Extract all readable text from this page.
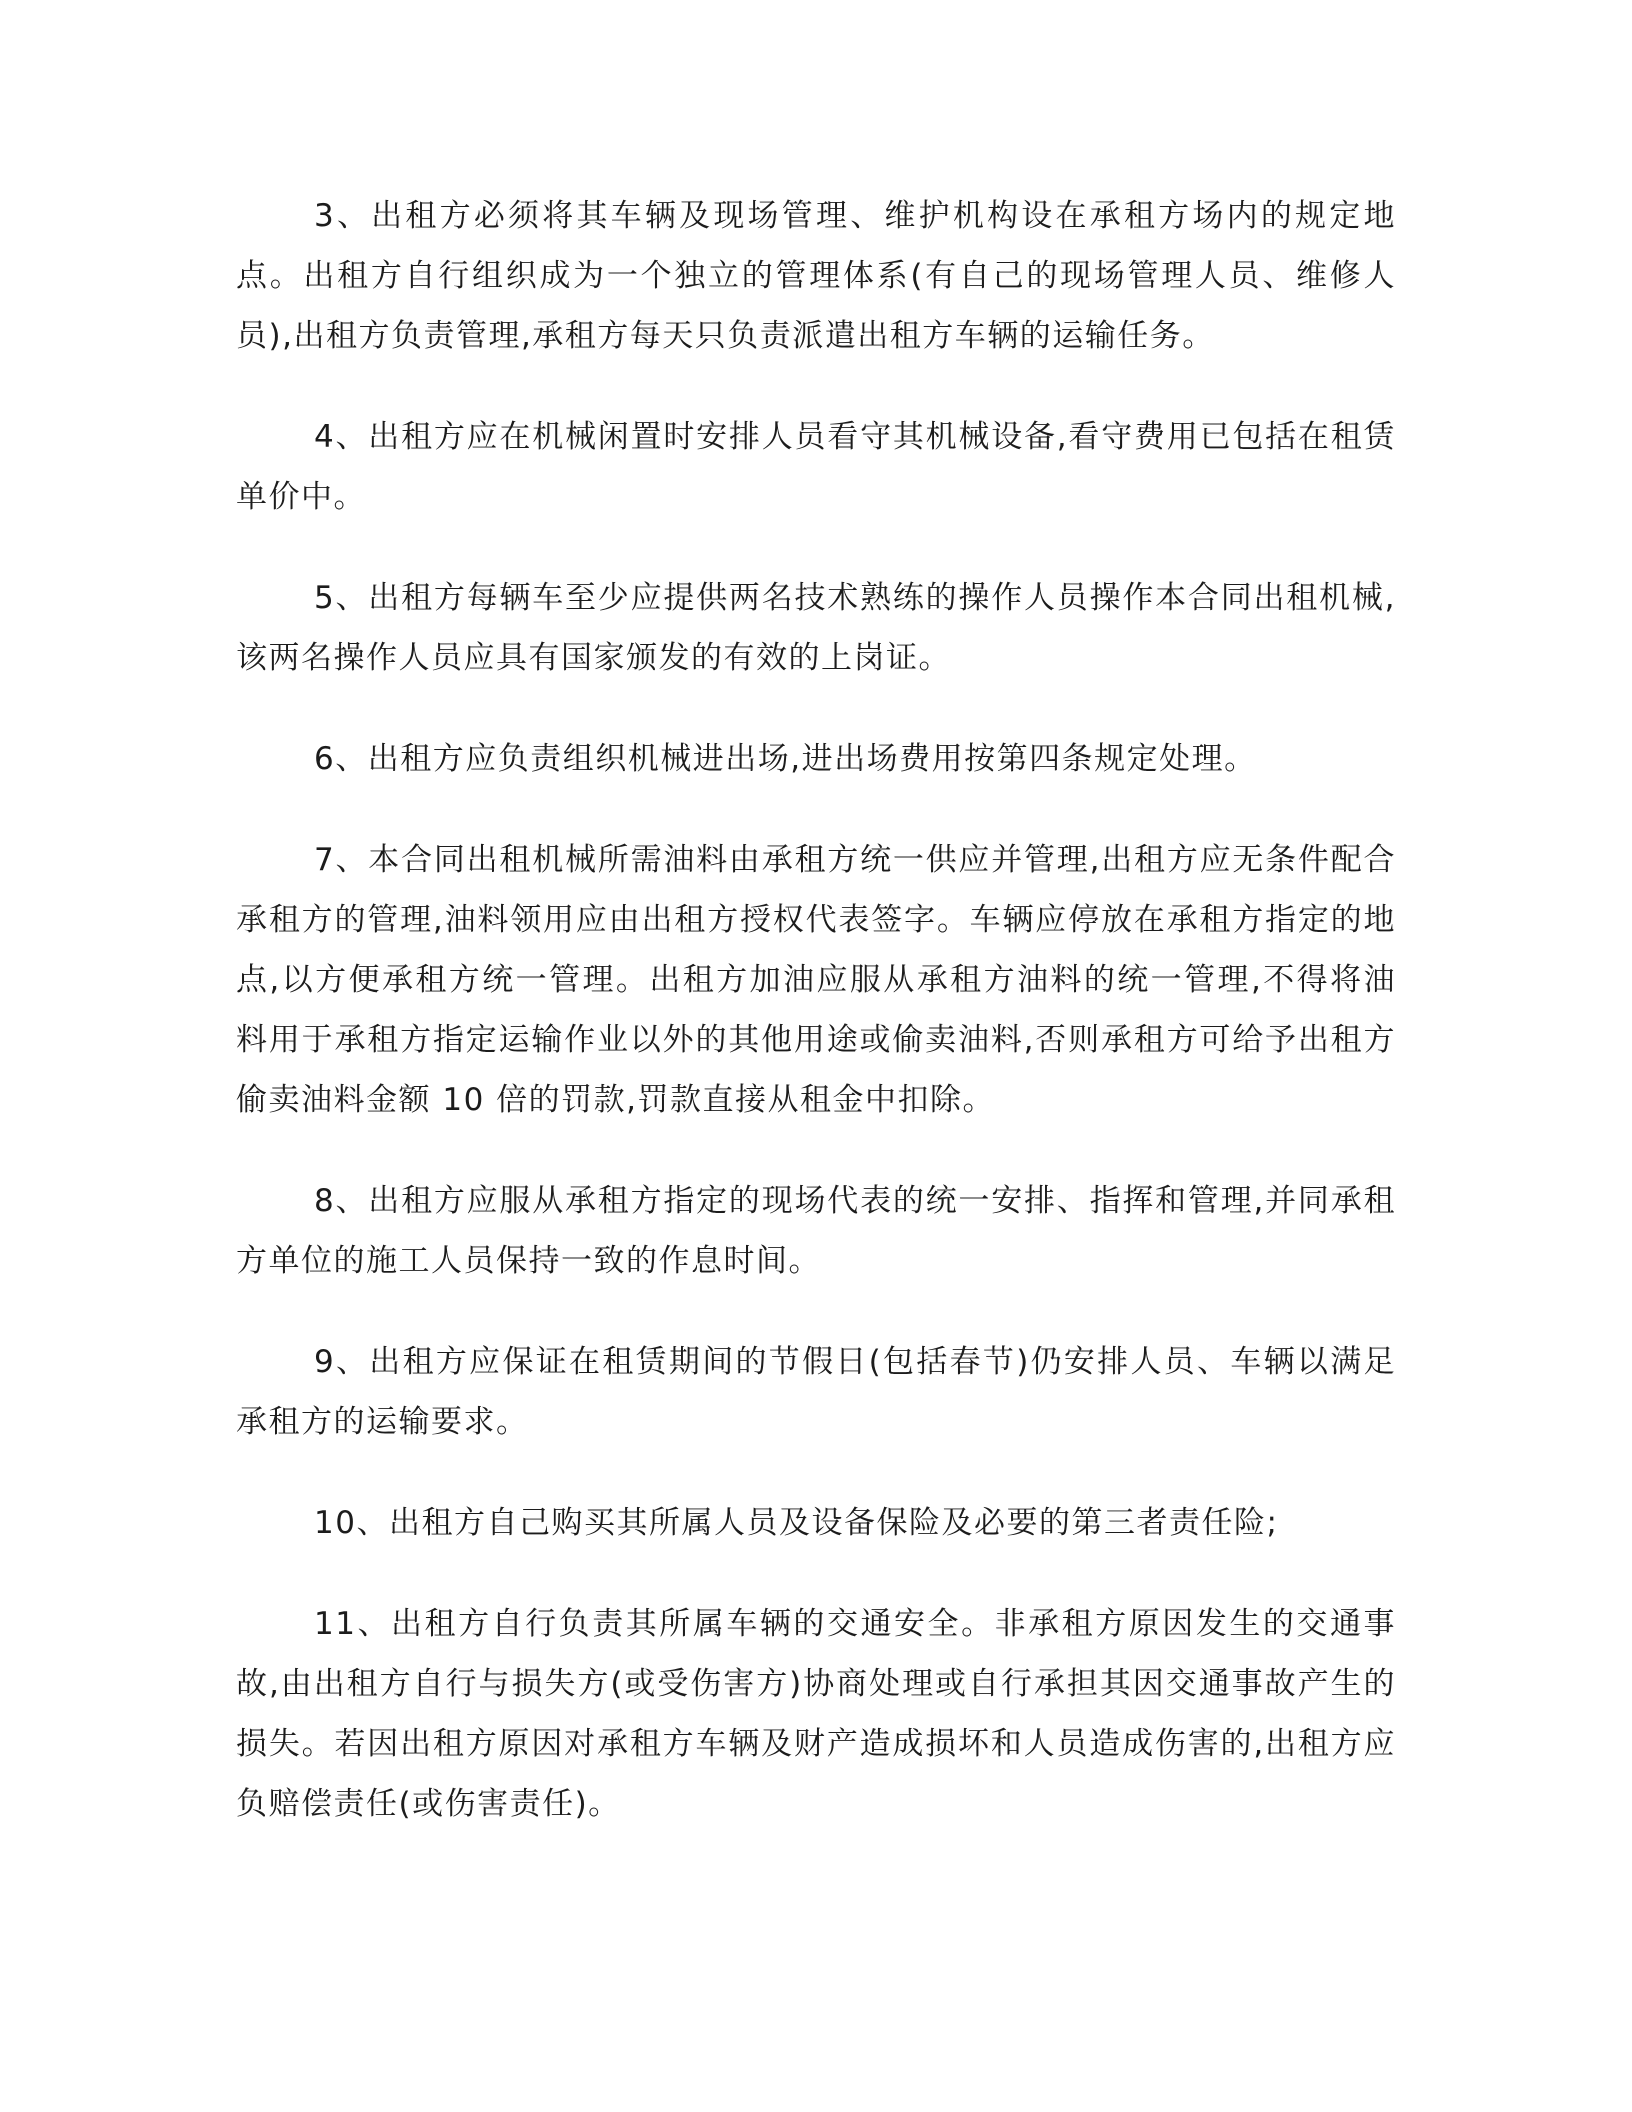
3、出租方必须将其车辆及现场管理、维护机构设在承租方场内的规定地点。出租方自行组织成为一个独立的管理体系(有自己的现场管理人员、维修人员),出租方负责管理,承租方每天只负责派遣出租方车辆的运输任务。

4、出租方应在机械闲置时安排人员看守其机械设备,看守费用已包括在租赁单价中。

5、出租方每辆车至少应提供两名技术熟练的操作人员操作本合同出租机械,该两名操作人员应具有国家颁发的有效的上岗证。

6、出租方应负责组织机械进出场,进出场费用按第四条规定处理。

7、本合同出租机械所需油料由承租方统一供应并管理,出租方应无条件配合承租方的管理,油料领用应由出租方授权代表签字。车辆应停放在承租方指定的地点,以方便承租方统一管理。出租方加油应服从承租方油料的统一管理,不得将油料用于承租方指定运输作业以外的其他用途或偷卖油料,否则承租方可给予出租方偷卖油料金额 10 倍的罚款,罚款直接从租金中扣除。

8、出租方应服从承租方指定的现场代表的统一安排、指挥和管理,并同承租方单位的施工人员保持一致的作息时间。

9、出租方应保证在租赁期间的节假日(包括春节)仍安排人员、车辆以满足承租方的运输要求。

10、出租方自己购买其所属人员及设备保险及必要的第三者责任险;

11、出租方自行负责其所属车辆的交通安全。非承租方原因发生的交通事故,由出租方自行与损失方(或受伤害方)协商处理或自行承担其因交通事故产生的损失。若因出租方原因对承租方车辆及财产造成损坏和人员造成伤害的,出租方应负赔偿责任(或伤害责任)。
